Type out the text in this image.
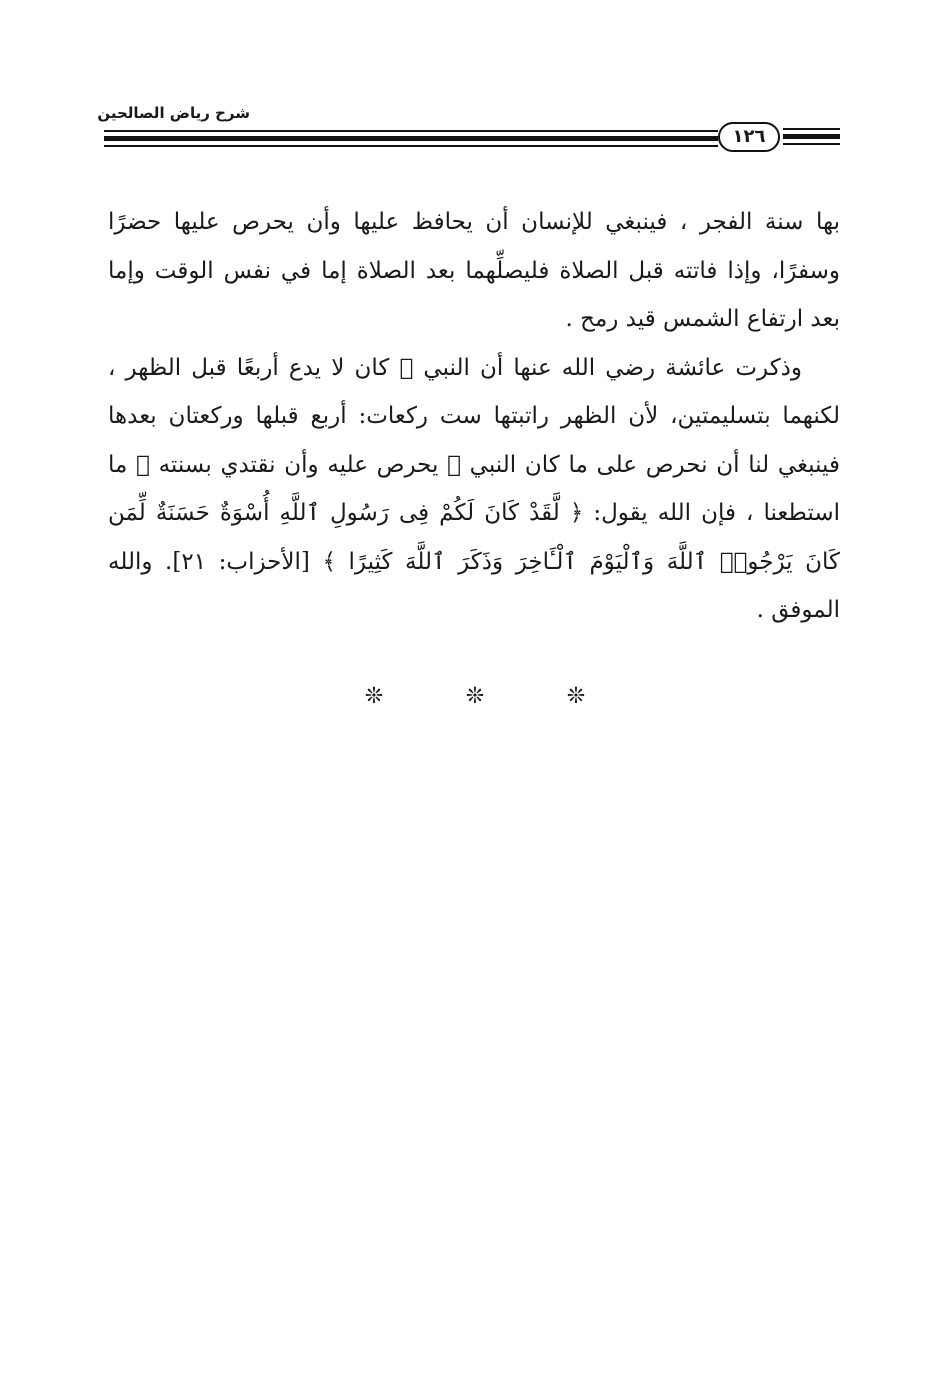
شرح رياض الصالحين
١٢٦

بها سنة الفجر ، فينبغي للإنسان أن يحافظ عليها وأن يحرص عليها حضرًا وسفرًا، وإذا فاتته قبل الصلاة فليصلِّهما بعد الصلاة إما في نفس الوقت وإما بعد ارتفاع الشمس قيد رمح .

وذكرت عائشة رضي الله عنها أن النبي ﷺ كان لا يدع أربعًا قبل الظهر ، لكنهما بتسليمتين، لأن الظهر راتبتها ست ركعات: أربع قبلها وركعتان بعدها فينبغي لنا أن نحرص على ما كان النبي ﷺ يحرص عليه وأن نقتدي بسنته ﷺ ما استطعنا ، فإن الله يقول: ﴿ لَّقَدْ كَانَ لَكُمْ فِى رَسُولِ ٱللَّهِ أُسْوَةٌ حَسَنَةٌ لِّمَن كَانَ يَرْجُوا۟ ٱللَّهَ وَٱلْيَوْمَ ٱلْـَٔاخِرَ وَذَكَرَ ٱللَّهَ كَثِيرًا ﴾ [الأحزاب: ٢١]. والله الموفق .

❊	❊	❊
